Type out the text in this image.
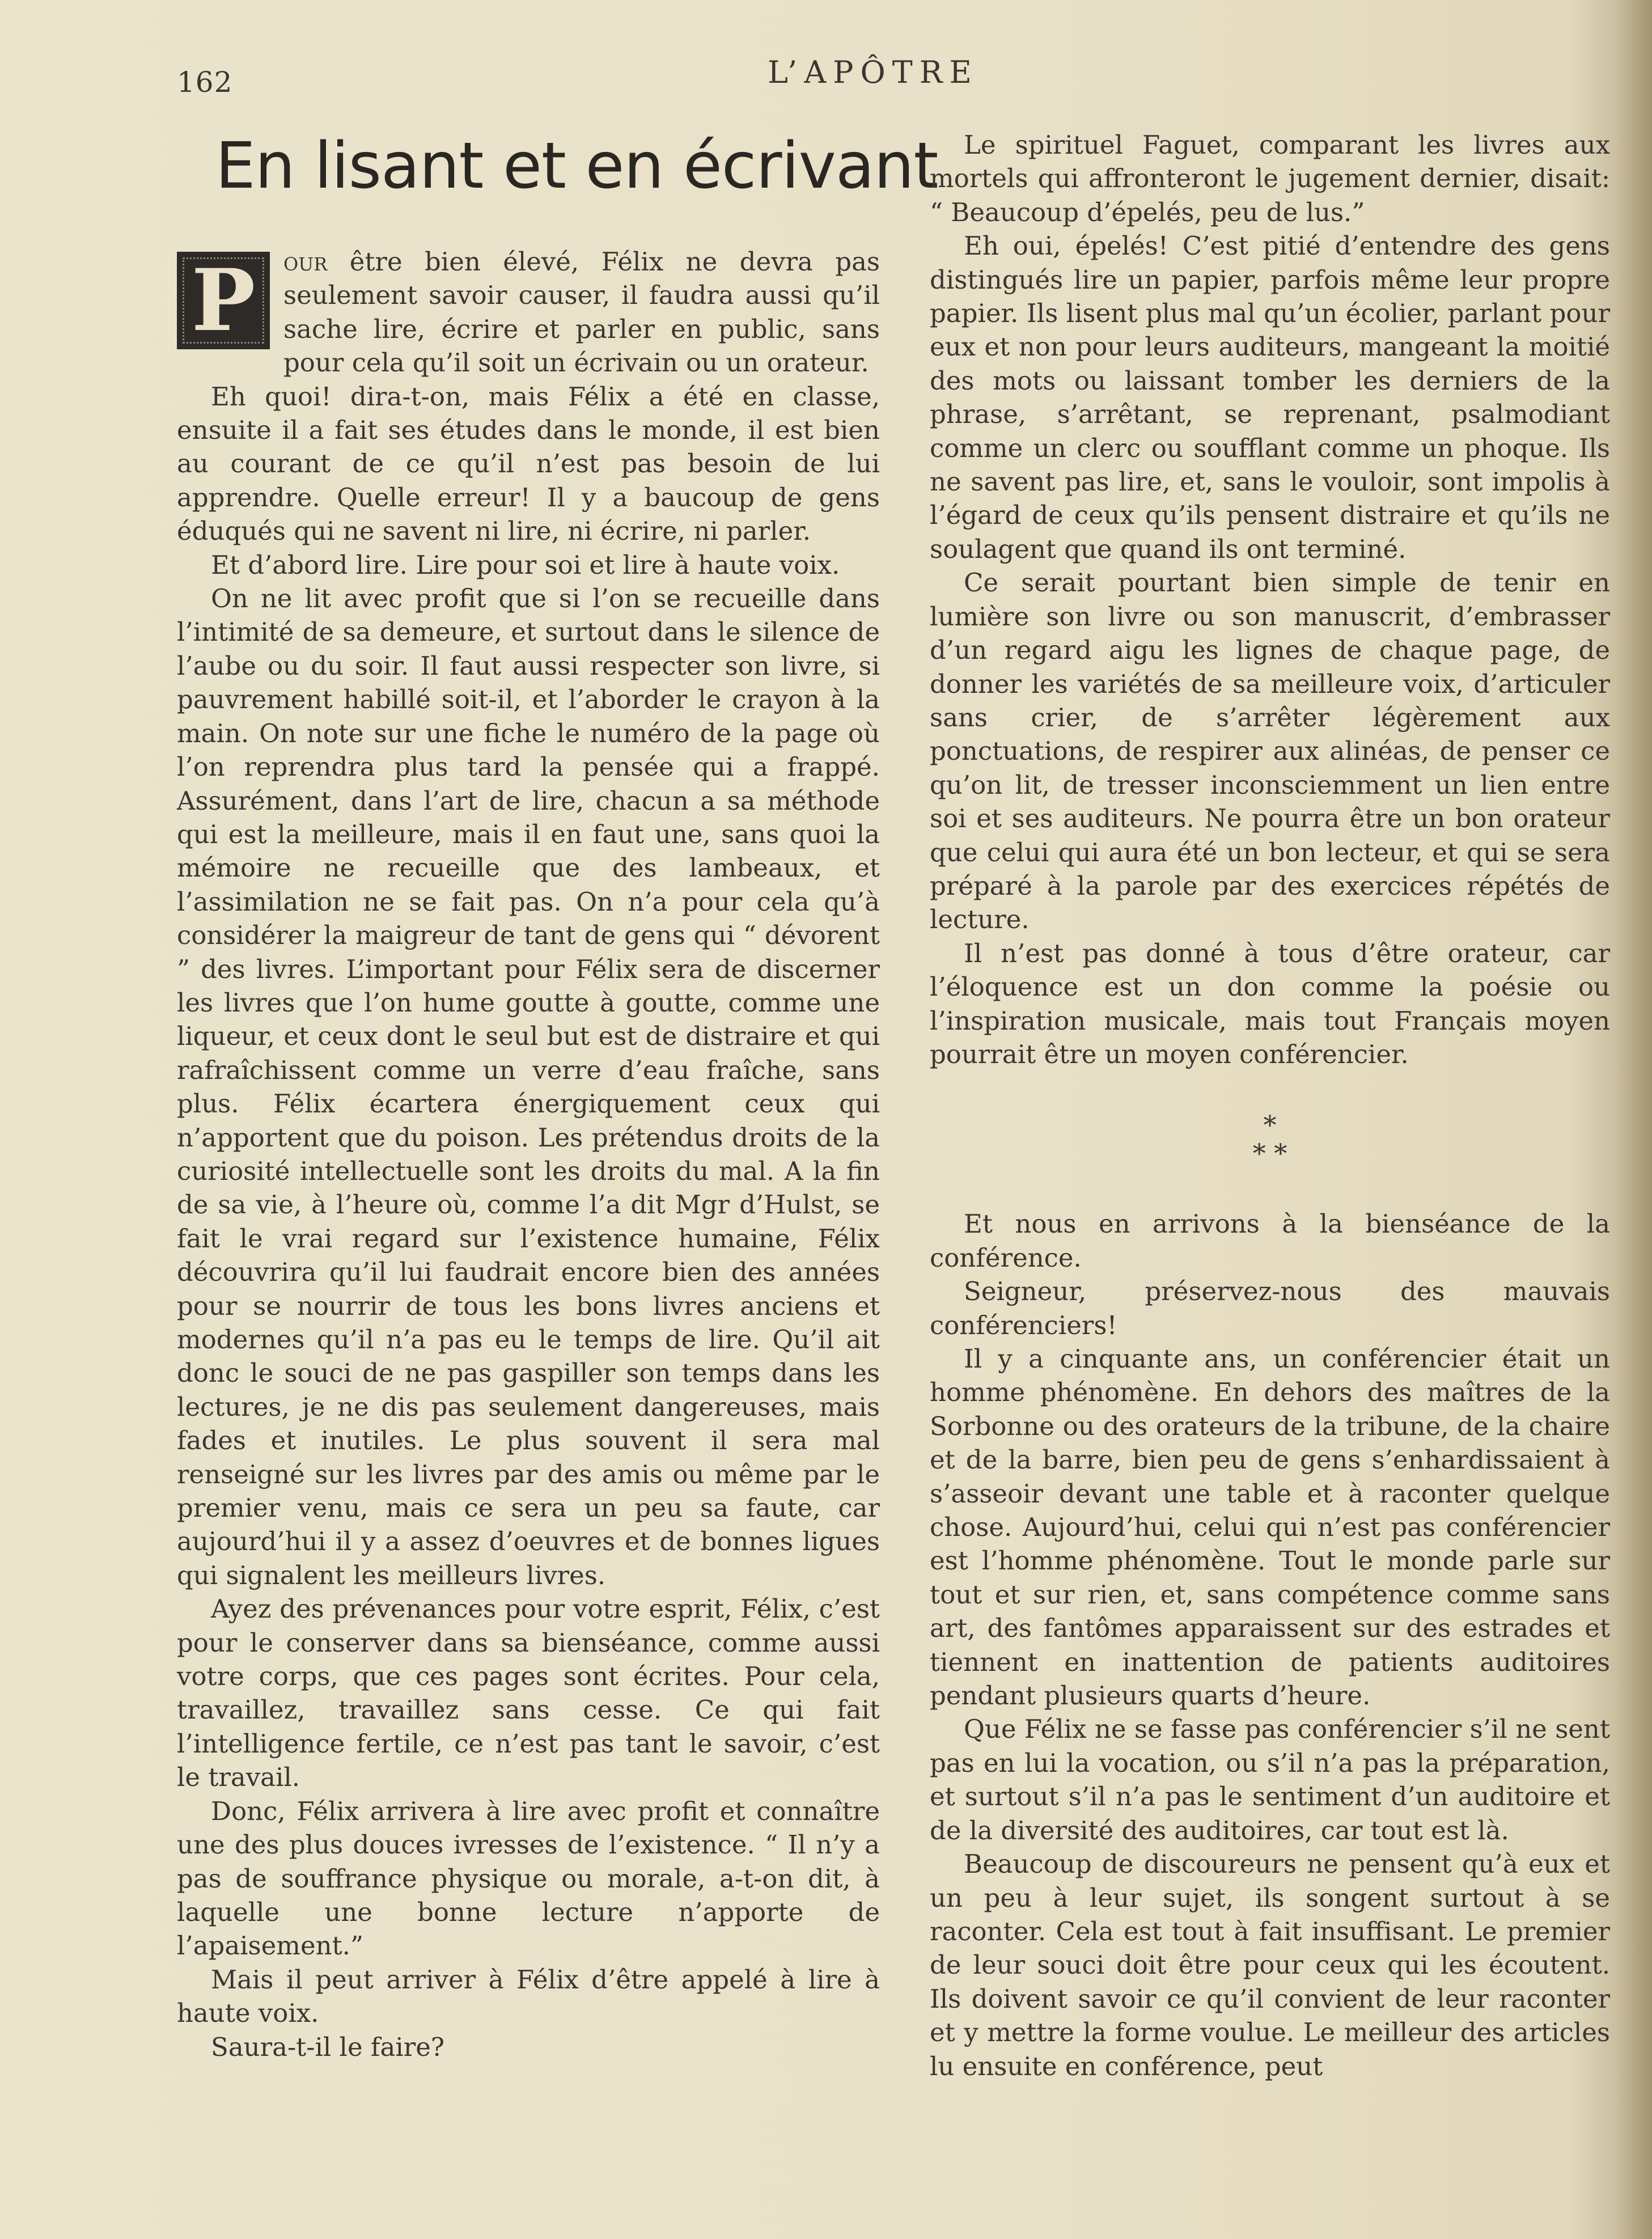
162	L’APÔTRE
En lisant et en écrivant

P	our être bien élevé, Félix ne devra pas seulement savoir causer, il faudra aussi qu’il sache lire, écrire et parler en public, sans pour cela qu’il soit un écrivain ou un orateur.

Eh quoi! dira-t-on, mais Félix a été en classe, ensuite il a fait ses études dans le monde, il est bien au courant de ce qu’il n’est pas besoin de lui apprendre. Quelle erreur! Il y a baucoup de gens éduqués qui ne savent ni lire, ni écrire, ni parler.

Et d’abord lire. Lire pour soi et lire à haute voix.

On ne lit avec profit que si l’on se recueille dans l’intimité de sa demeure, et surtout dans le silence de l’aube ou du soir. Il faut aussi respecter son livre, si pauvrement habillé soit-il, et l’aborder le crayon à la main. On note sur une fiche le numéro de la page où l’on reprendra plus tard la pensée qui a frappé. Assurément, dans l’art de lire, chacun a sa méthode qui est la meilleure, mais il en faut une, sans quoi la mémoire ne recueille que des lambeaux, et l’assimilation ne se fait pas. On n’a pour cela qu’à considérer la maigreur de tant de gens qui “ dévorent ” des livres. L’important pour Félix sera de discerner les livres que l’on hume goutte à goutte, comme une liqueur, et ceux dont le seul but est de distraire et qui rafraîchissent comme un verre d’eau fraîche, sans plus. Félix écartera énergiquement ceux qui n’apportent que du poison. Les prétendus droits de la curiosité intellectuelle sont les droits du mal. A la fin de sa vie, à l’heure où, comme l’a dit Mgr d’Hulst, se fait le vrai regard sur l’existence humaine, Félix découvrira qu’il lui faudrait encore bien des années pour se nourrir de tous les bons livres anciens et modernes qu’il n’a pas eu le temps de lire. Qu’il ait donc le souci de ne pas gaspiller son temps dans les lectures, je ne dis pas seulement dangereuses, mais fades et inutiles. Le plus souvent il sera mal renseigné sur les livres par des amis ou même par le premier venu, mais ce sera un peu sa faute, car aujourd’hui il y a assez d’oeuvres et de bonnes ligues qui signalent les meilleurs livres.

Ayez des prévenances pour votre esprit, Félix, c’est pour le conserver dans sa bienséance, comme aussi votre corps, que ces pages sont écrites. Pour cela, travaillez, travaillez sans cesse. Ce qui fait l’intelligence fertile, ce n’est pas tant le savoir, c’est le travail.

Donc, Félix arrivera à lire avec profit et connaître une des plus douces ivresses de l’existence. “ Il n’y a pas de souffrance physique ou morale, a-t-on dit, à laquelle une bonne lecture n’apporte de l’apaisement.”

Mais il peut arriver à Félix d’être appelé à lire à haute voix.

Saura-t-il le faire?

Le spirituel Faguet, comparant les livres aux mortels qui affronteront le jugement dernier, disait: “ Beaucoup d’épelés, peu de lus.”

Eh oui, épelés! C’est pitié d’entendre des gens distingués lire un papier, parfois même leur propre papier. Ils lisent plus mal qu’un écolier, parlant pour eux et non pour leurs auditeurs, mangeant la moitié des mots ou laissant tomber les derniers de la phrase, s’arrêtant, se reprenant, psalmodiant comme un clerc ou soufflant comme un phoque. Ils ne savent pas lire, et, sans le vouloir, sont impolis à l’égard de ceux qu’ils pensent distraire et qu’ils ne soulagent que quand ils ont terminé.

Ce serait pourtant bien simple de tenir en lumière son livre ou son manuscrit, d’embrasser d’un regard aigu les lignes de chaque page, de donner les variétés de sa meilleure voix, d’articuler sans crier, de s’arrêter légèrement aux ponctuations, de respirer aux alinéas, de penser ce qu’on lit, de tresser inconsciemment un lien entre soi et ses auditeurs. Ne pourra être un bon orateur que celui qui aura été un bon lecteur, et qui se sera préparé à la parole par des exercices répétés de lecture.

Il n’est pas donné à tous d’être orateur, car l’éloquence est un don comme la poésie ou l’inspiration musicale, mais tout Français moyen pourrait être un moyen conférencier.

*
* *

Et nous en arrivons à la bienséance de la conférence.

Seigneur, préservez-nous des mauvais conférenciers!

Il y a cinquante ans, un conférencier était un homme phénomène. En dehors des maîtres de la Sorbonne ou des orateurs de la tribune, de la chaire et de la barre, bien peu de gens s’enhardissaient à s’asseoir devant une table et à raconter quelque chose. Aujourd’hui, celui qui n’est pas conférencier est l’homme phénomène. Tout le monde parle sur tout et sur rien, et, sans compétence comme sans art, des fantômes apparaissent sur des estrades et tiennent en inattention de patients auditoires pendant plusieurs quarts d’heure.

Que Félix ne se fasse pas conférencier s’il ne sent pas en lui la vocation, ou s’il n’a pas la préparation, et surtout s’il n’a pas le sentiment d’un auditoire et de la diversité des auditoires, car tout est là.

Beaucoup de discoureurs ne pensent qu’à eux et un peu à leur sujet, ils songent surtout à se raconter. Cela est tout à fait insuffisant. Le premier de leur souci doit être pour ceux qui les écoutent. Ils doivent savoir ce qu’il convient de leur raconter et y mettre la forme voulue. Le meilleur des articles lu ensuite en conférence, peut
